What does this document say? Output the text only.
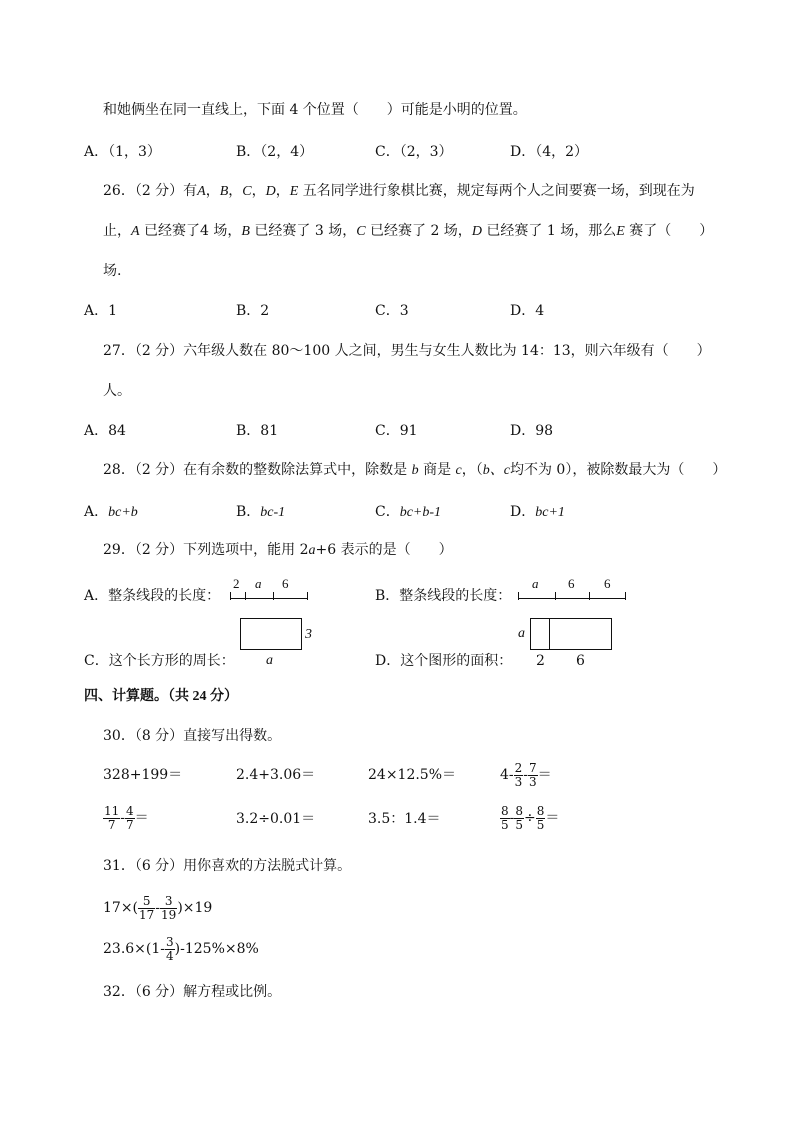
和她俩坐在同一直线上，下面 4 个位置（　　）可能是小明的位置。
A．（1，3）	B．（2，4）	C．（2，3）	D．（4，2）
26．（2 分）有A，B，C，D，E 五名同学进行象棋比赛，规定每两个人之间要赛一场，到现在为
止，A 已经赛了4 场，B 已经赛了 3 场，C 已经赛了 2 场，D 已经赛了 1 场，那么E 赛了（　　）
场.
A．1	B．2	C．3	D．4
27．（2 分）六年级人数在 80～100 人之间，男生与女生人数比为 14：13，则六年级有（　　）
人。
A．84	B．81	C．91	D．98
28．（2 分）在有余数的整数除法算式中，除数是 b 商是 c，（b、c均不为 0），被除数最大为（　　）
A．bc+b	B．bc-1	C．bc+b-1	D．bc+1
29．（2 分）下列选项中，能用 2a+6 表示的是（　　）
A．整条线段的长度：
2 a 6
B．整条线段的长度：
a 6 6
3
C．这个长方形的周长： a
a
D．这个图形的面积： 2 6
四、计算题。（共 24 分）
30．（8 分）直接写出得数。
328+199＝	2.4+3.06＝	24×12.5%＝	$4- \frac{2}{3} - \frac{7}{3}$ ＝
$\frac{11}{7} - \frac{4}{7}$ ＝	3.2÷0.01＝	3.5：1.4＝	$\frac{8}{5} - \frac{8}{5} \div \frac{8}{5}$ ＝
31．（6 分）用你喜欢的方法脱式计算。
$17\times( \frac{5}{17} - \frac{3}{19} )\times 19$
$23.6\times(1- \frac{3}{4} )-125\%\times 8\%$
32．（6 分）解方程或比例。
